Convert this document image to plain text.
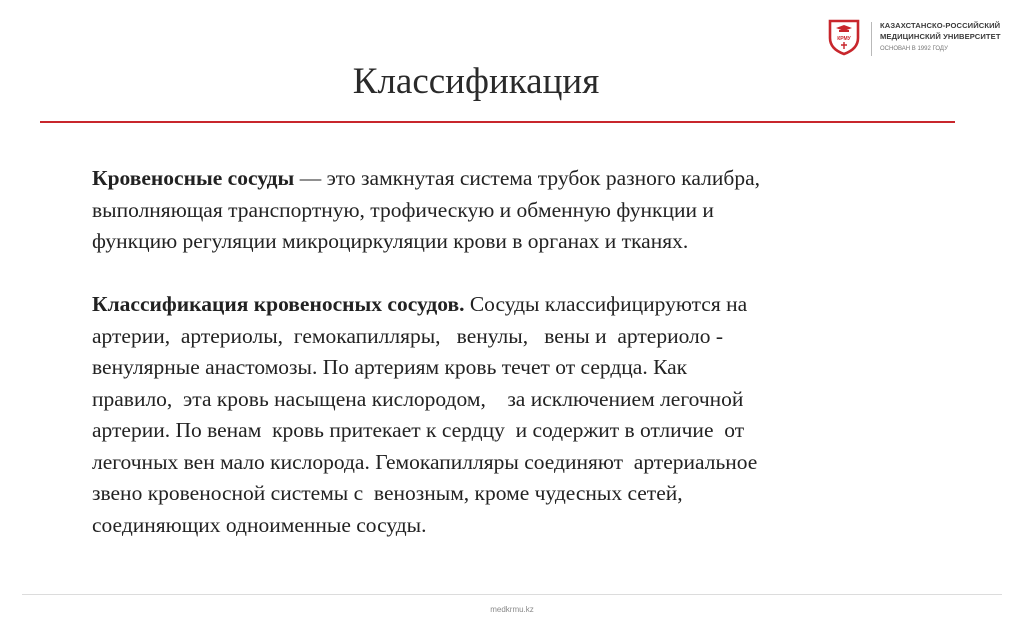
КРМУ
КАЗАХСТАНСКО-РОССИЙСКИЙ
МЕДИЦИНСКИЙ УНИВЕРСИТЕТ
ОСНОВАН В 1992 ГОДУ
Классификация

Кровеносные сосуды — это замкнутая система трубок разного калибра,
выполняющая транспортную, трофическую и обменную функции и
функцию регуляции микроциркуляции крови в органах и тканях.

Классификация кровеносных сосудов. Сосуды классифицируются на
артерии,  артериолы,  гемокапилляры,   венулы,   вены и  артериоло -
венулярные анастомозы. По артериям кровь течет от сердца. Как
правило,  эта кровь насыщена кислородом,    за исключением легочной
артерии. По венам  кровь притекает к сердцу  и содержит в отличие  от
легочных вен мало кислорода. Гемокапилляры соединяют  артериальное
звено кровеносной системы с  венозным, кроме чудесных сетей,
соединяющих одноименные сосуды.

medkrmu.kz
